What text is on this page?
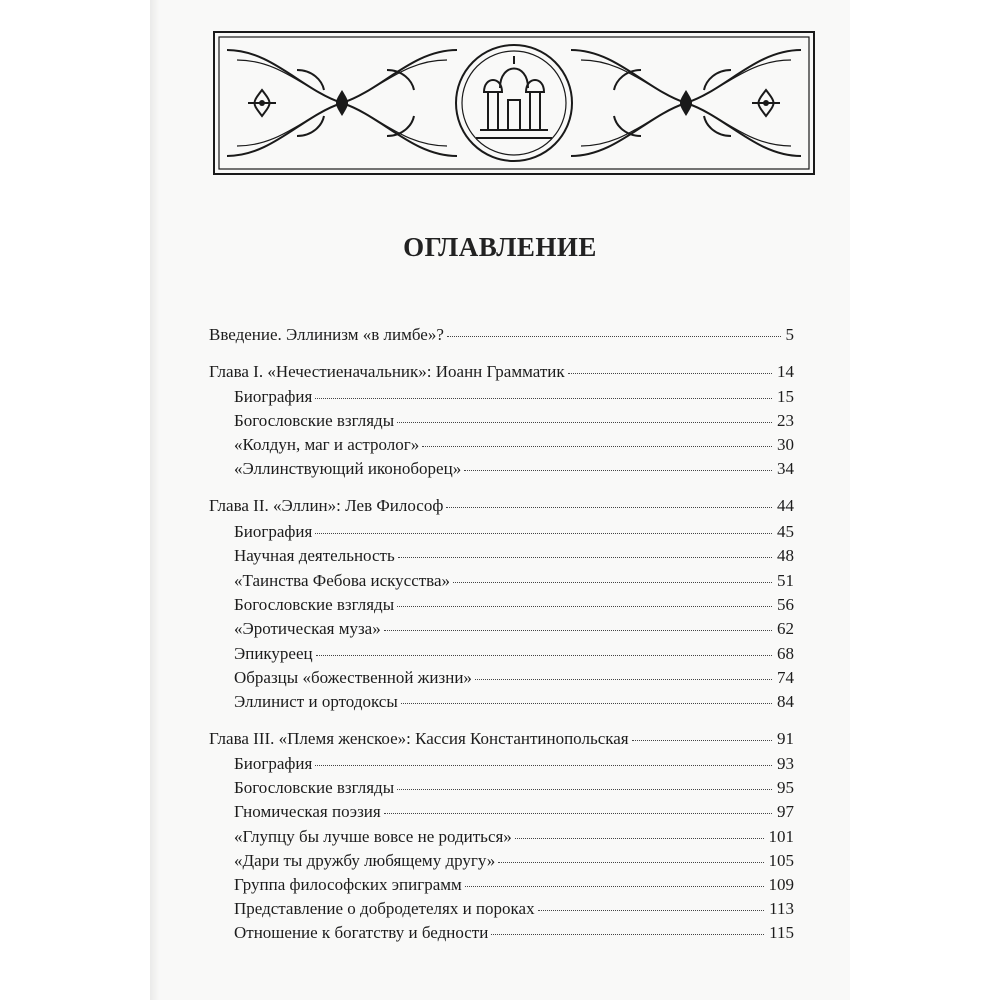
ОГЛАВЛЕНИЕ
Введение. Эллинизм «в лимбе»?	5
Глава I. «Нечестиеначальник»: Иоанн Грамматик	14
Биография	15
Богословские взгляды	23
«Колдун, маг и астролог»	30
«Эллинствующий иконоборец»	34
Глава II. «Эллин»: Лев Философ	44
Биография	45
Научная деятельность	48
«Таинства Фебова искусства»	51
Богословские взгляды	56
«Эротическая муза»	62
Эпикуреец	68
Образцы «божественной жизни»	74
Эллинист и ортодоксы	84
Глава III. «Племя женское»: Кассия Константинопольская	91
Биография	93
Богословские взгляды	95
Гномическая поэзия	97
«Глупцу бы лучше вовсе не родиться»	101
«Дари ты дружбу любящему другу»	105
Группа философских эпиграмм	109
Представление о добродетелях и пороках	113
Отношение к богатству и бедности	115
